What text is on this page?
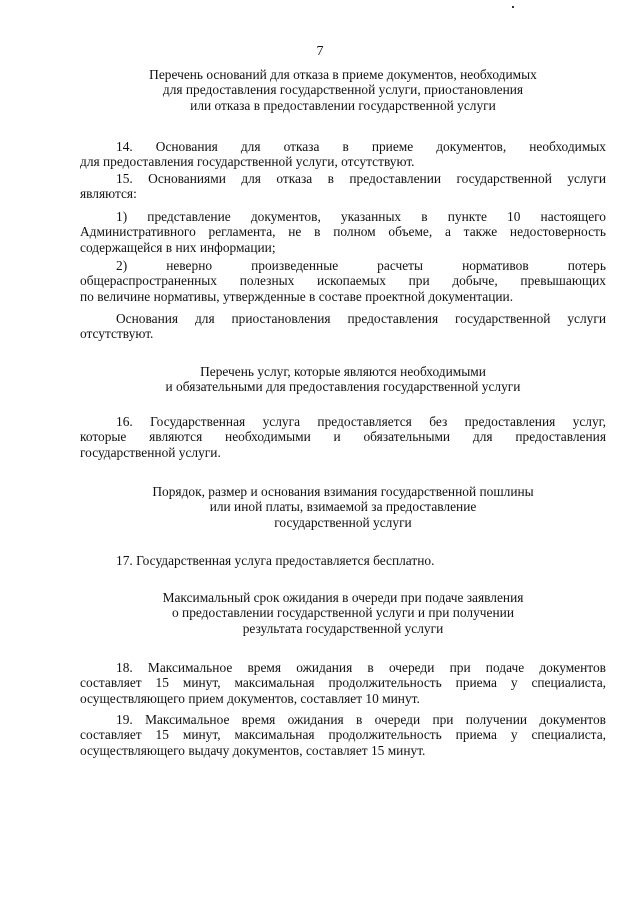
7
Перечень оснований для отказа в приеме документов, необходимых
для предоставления государственной услуги, приостановления
или отказа в предоставлении государственной услуги
14. Основания для отказа в приеме документов, необходимых
для предоставления государственной услуги, отсутствуют.
15. Основаниями для отказа в предоставлении государственной услуги
являются:
1) представление документов, указанных в пункте 10 настоящего
Административного регламента, не в полном объеме, а также недостоверность
содержащейся в них информации;
2) неверно произведенные расчеты нормативов потерь
общераспространенных полезных ископаемых при добыче, превышающих
по величине нормативы, утвержденные в составе проектной документации.
Основания для приостановления предоставления государственной услуги
отсутствуют.
Перечень услуг, которые являются необходимыми
и обязательными для предоставления государственной услуги
16. Государственная услуга предоставляется без предоставления услуг,
которые являются необходимыми и обязательными для предоставления
государственной услуги.
Порядок, размер и основания взимания государственной пошлины
или иной платы, взимаемой за предоставление
государственной услуги
17. Государственная услуга предоставляется бесплатно.
Максимальный срок ожидания в очереди при подаче заявления
о предоставлении государственной услуги и при получении
результата государственной услуги
18. Максимальное время ожидания в очереди при подаче документов
составляет 15 минут, максимальная продолжительность приема у специалиста,
осуществляющего прием документов, составляет 10 минут.
19. Максимальное время ожидания в очереди при получении документов
составляет 15 минут, максимальная продолжительность приема у специалиста,
осуществляющего выдачу документов, составляет 15 минут.
